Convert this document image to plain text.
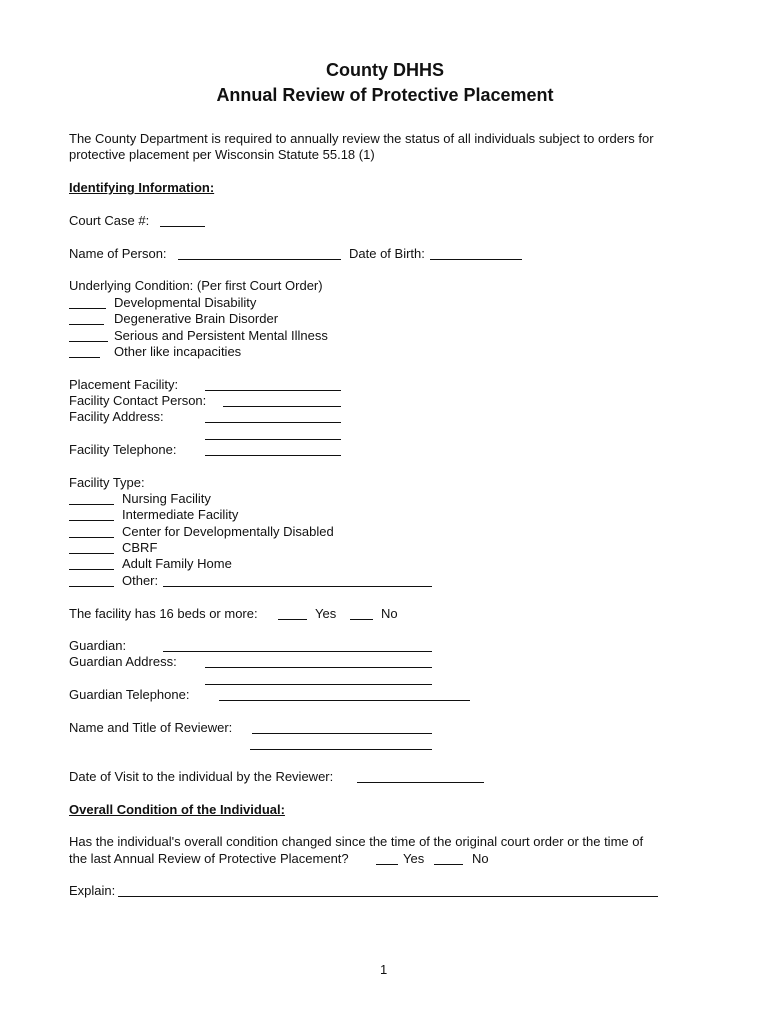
County DHHS
Annual Review of Protective Placement
The County Department is required to annually review the status of all individuals subject to orders for
protective placement per Wisconsin Statute 55.18 (1)
Identifying Information:
Court Case #:
Name of Person:	Date of Birth:
Underlying Condition: (Per first Court Order)
Developmental Disability
Degenerative Brain Disorder
Serious and Persistent Mental Illness
Other like incapacities
Placement Facility:
Facility Contact Person:
Facility Address:
Facility Telephone:
Facility Type:
Nursing Facility
Intermediate Facility
Center for Developmentally Disabled
CBRF
Adult Family Home
Other:
The facility has 16 beds or more:	Yes	No
Guardian:
Guardian Address:
Guardian Telephone:
Name and Title of Reviewer:
Date of Visit to the individual by the Reviewer:
Overall Condition of the Individual:
Has the individual's overall condition changed since the time of the original court order or the time of
the last Annual Review of Protective Placement?	Yes	No
Explain:
1
